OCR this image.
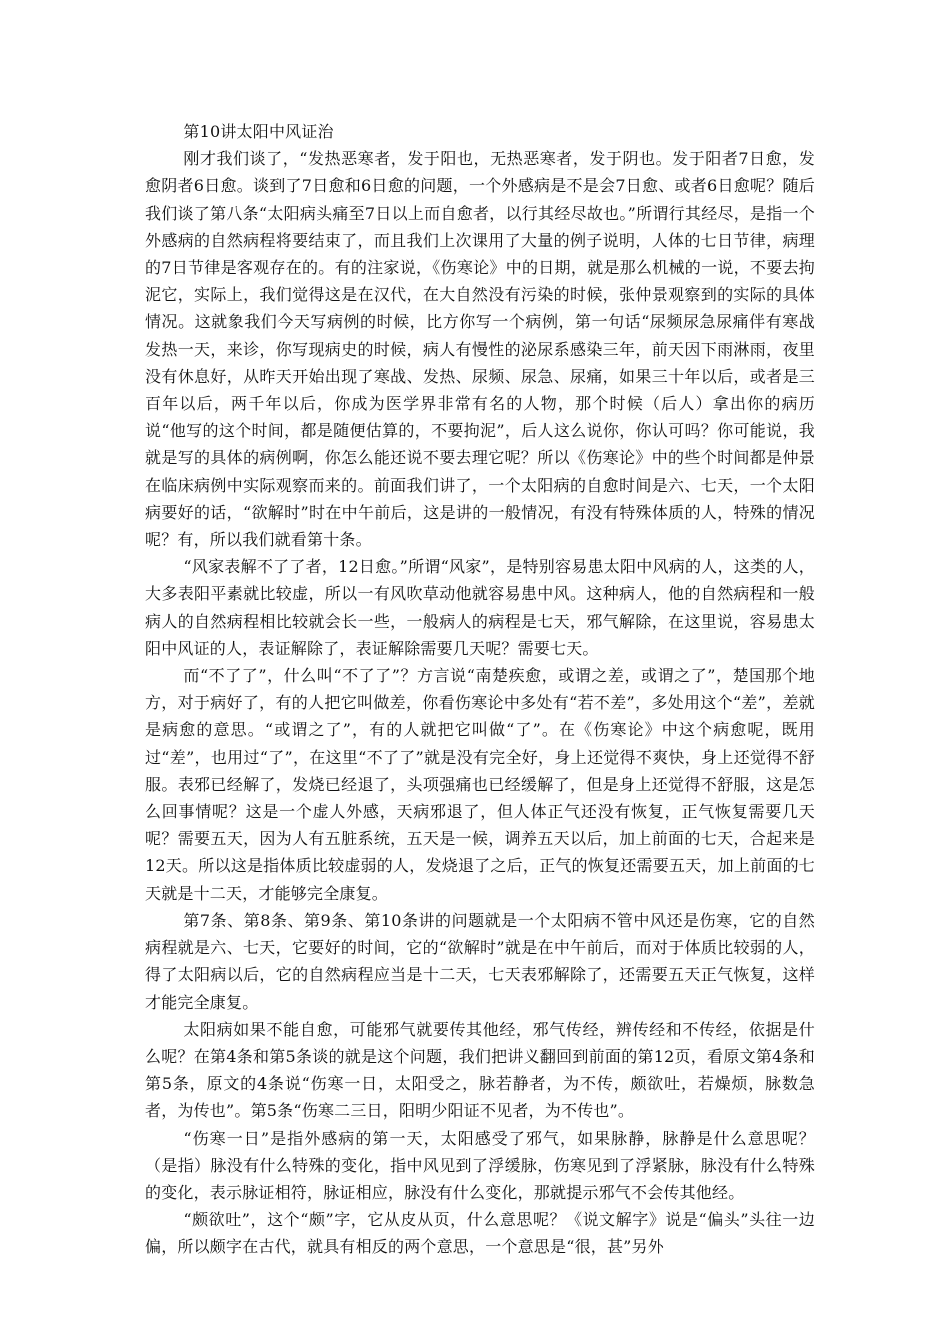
第10讲太阳中风证治

刚才我们谈了，“发热恶寒者，发于阳也，无热恶寒者，发于阴也。发于阳者7日愈，发愈阴者6日愈。谈到了7日愈和6日愈的问题，一个外感病是不是会7日愈、或者6日愈呢？随后我们谈了第八条“太阳病头痛至7日以上而自愈者，以行其经尽故也。”所谓行其经尽，是指一个外感病的自然病程将要结束了，而且我们上次课用了大量的例子说明，人体的七日节律，病理的7日节律是客观存在的。有的注家说，《伤寒论》中的日期，就是那么机械的一说，不要去拘泥它，实际上，我们觉得这是在汉代，在大自然没有污染的时候，张仲景观察到的实际的具体情况。这就象我们今天写病例的时候，比方你写一个病例，第一句话“尿频尿急尿痛伴有寒战发热一天，来诊，你写现病史的时候，病人有慢性的泌尿系感染三年，前天因下雨淋雨，夜里没有休息好，从昨天开始出现了寒战、发热、尿频、尿急、尿痛，如果三十年以后，或者是三百年以后，两千年以后，你成为医学界非常有名的人物，那个时候（后人）拿出你的病历说“他写的这个时间，都是随便估算的，不要拘泥”，后人这么说你，你认可吗？你可能说，我就是写的具体的病例啊，你怎么能还说不要去理它呢？所以《伤寒论》中的些个时间都是仲景在临床病例中实际观察而来的。前面我们讲了，一个太阳病的自愈时间是六、七天，一个太阳病要好的话，“欲解时”时在中午前后，这是讲的一般情况，有没有特殊体质的人，特殊的情况呢？有，所以我们就看第十条。

“风家表解不了了者，12日愈。”所谓“风家”，是特别容易患太阳中风病的人，这类的人，大多表阳平素就比较虚，所以一有风吹草动他就容易患中风。这种病人，他的自然病程和一般病人的自然病程相比较就会长一些，一般病人的病程是七天，邪气解除，在这里说，容易患太阳中风证的人，表证解除了，表证解除需要几天呢？需要七天。

而“不了了”，什么叫“不了了”？方言说“南楚疾愈，或谓之差，或谓之了”，楚国那个地方，对于病好了，有的人把它叫做差，你看伤寒论中多处有“若不差”，多处用这个“差”，差就是病愈的意思。“或谓之了”，有的人就把它叫做“了”。在《伤寒论》中这个病愈呢，既用过“差”，也用过“了”，在这里“不了了”就是没有完全好，身上还觉得不爽快，身上还觉得不舒服。表邪已经解了，发烧已经退了，头项强痛也已经缓解了，但是身上还觉得不舒服，这是怎么回事情呢？这是一个虚人外感，天病邪退了，但人体正气还没有恢复，正气恢复需要几天呢？需要五天，因为人有五脏系统，五天是一候，调养五天以后，加上前面的七天，合起来是12天。所以这是指体质比较虚弱的人，发烧退了之后，正气的恢复还需要五天，加上前面的七天就是十二天，才能够完全康复。

第7条、第8条、第9条、第10条讲的问题就是一个太阳病不管中风还是伤寒，它的自然病程就是六、七天，它要好的时间，它的“欲解时”就是在中午前后，而对于体质比较弱的人，得了太阳病以后，它的自然病程应当是十二天，七天表邪解除了，还需要五天正气恢复，这样才能完全康复。

太阳病如果不能自愈，可能邪气就要传其他经，邪气传经，辨传经和不传经，依据是什么呢？在第4条和第5条谈的就是这个问题，我们把讲义翻回到前面的第12页，看原文第4条和第5条，原文的4条说“伤寒一日，太阳受之，脉若静者，为不传，颇欲吐，若燥烦，脉数急者，为传也”。第5条“伤寒二三日，阳明少阳证不见者，为不传也”。

“伤寒一日”是指外感病的第一天，太阳感受了邪气，如果脉静，脉静是什么意思呢？（是指）脉没有什么特殊的变化，指中风见到了浮缓脉，伤寒见到了浮紧脉，脉没有什么特殊的变化，表示脉证相符，脉证相应，脉没有什么变化，那就提示邪气不会传其他经。

“颇欲吐”，这个“颇”字，它从皮从页，什么意思呢？《说文解字》说是“偏头”头往一边偏，所以颇字在古代，就具有相反的两个意思，一个意思是“很，甚”另外
